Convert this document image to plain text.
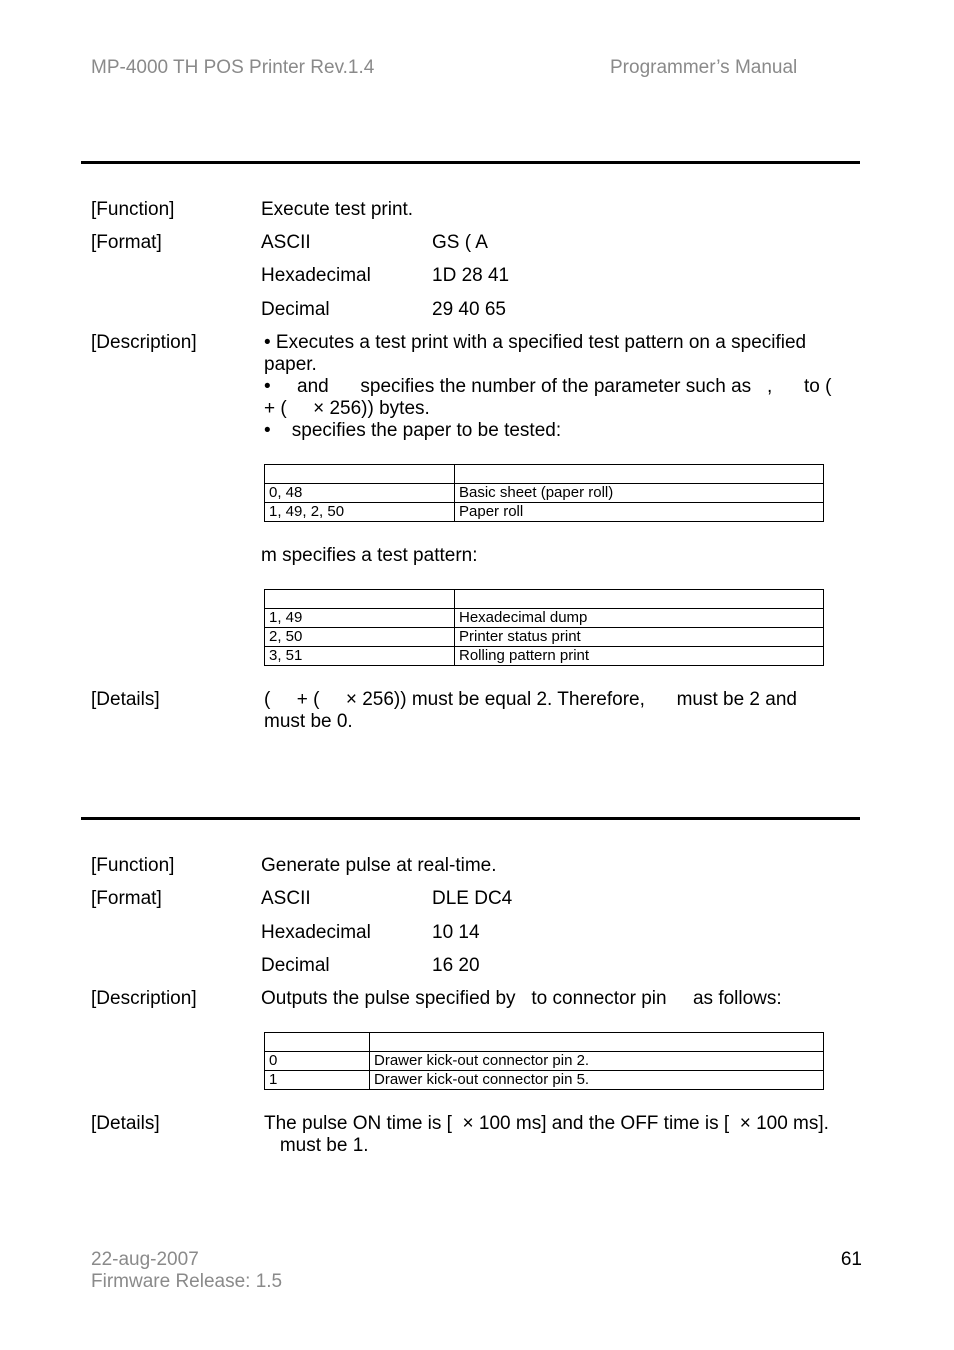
MP-4000 TH POS Printer Rev.1.4	Programmer’s Manual
[Function]	Execute test print.
[Format]	ASCII	GS ( A
Hexadecimal	1D 28 41
Decimal	29 40 65
[Description]	• Executes a test print with a specified test pattern on a specified
paper.
•     and      specifies the number of the parameter such as   ,      to (
+ (     × 256)) bytes.
•    specifies the paper to be tested:

0, 48	Basic sheet (paper roll)
1, 49, 2, 50	Paper roll
m specifies a test pattern:

1, 49	Hexadecimal dump
2, 50	Printer status print
3, 51	Rolling pattern print
[Details]	(     + (     × 256)) must be equal 2. Therefore,      must be 2 and
must be 0.
[Function]	Generate pulse at real-time.
[Format]	ASCII	DLE DC4
Hexadecimal	10 14
Decimal	16 20
[Description]	Outputs the pulse specified by   to connector pin     as follows:

0	Drawer kick-out connector pin 2.
1	Drawer kick-out connector pin 5.
[Details]	The pulse ON time is [  × 100 ms] and the OFF time is [  × 100 ms].
must be 1.
22-aug-2007
Firmware Release: 1.5
61
